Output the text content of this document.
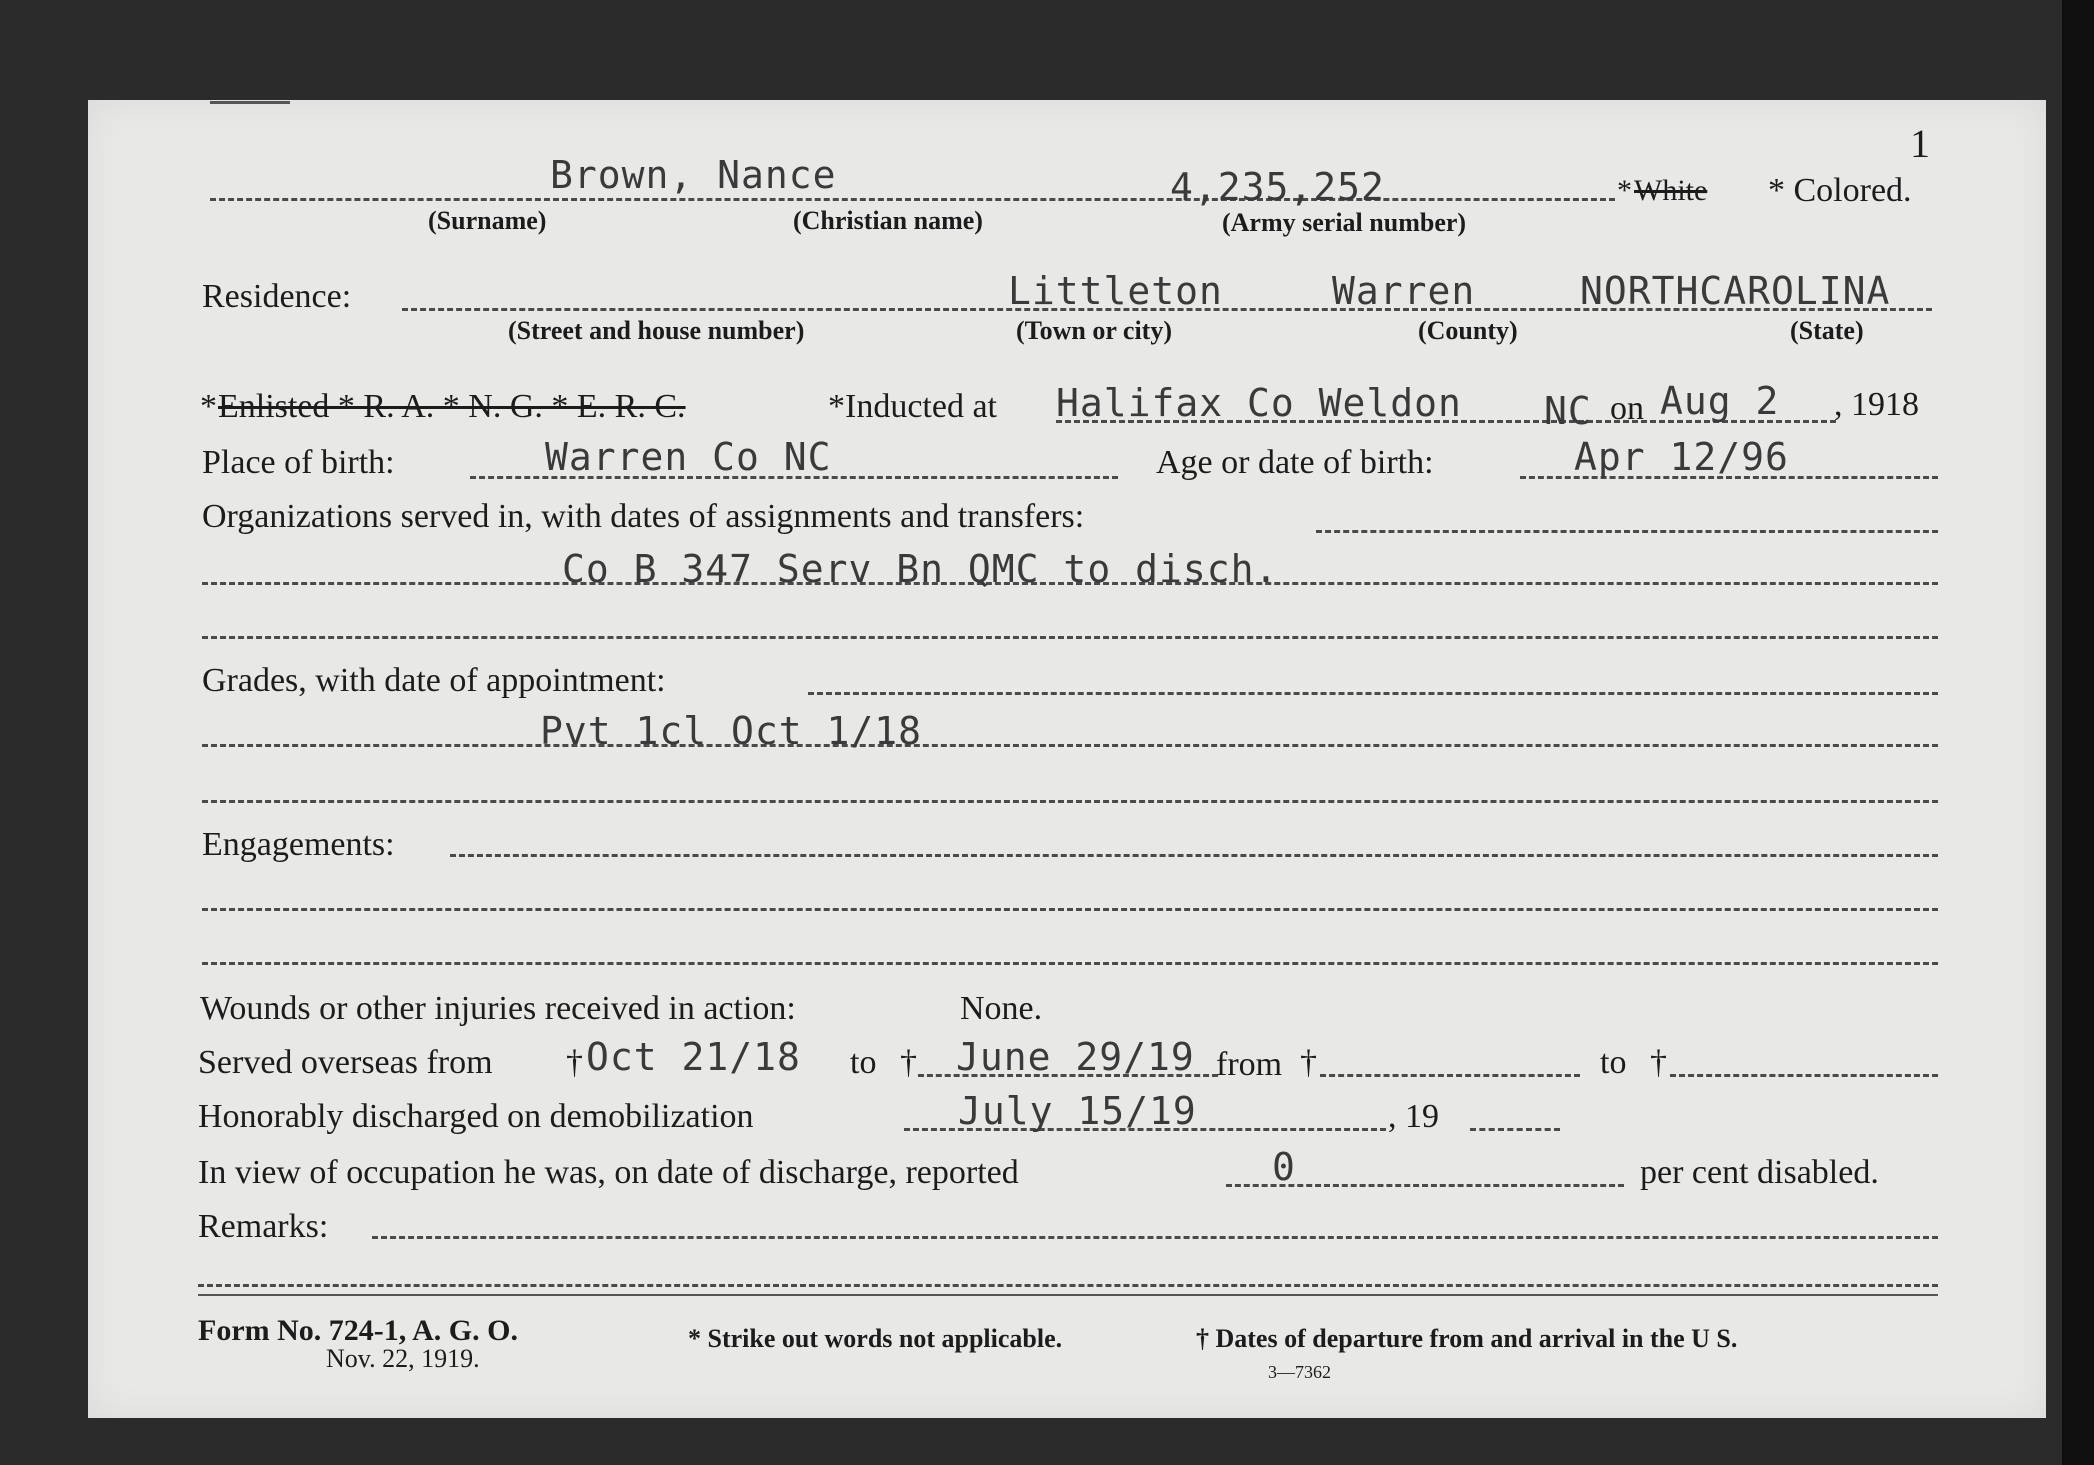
1
Brown, Nance
(Surname)	(Christian name)
4,235,252
(Army serial number)
* White * Colored.
Residence:
(Street and house number)
Littleton
(Town or city)
Warren
(County)
NORTHCAROLINA
(State)
* Enlisted * R. A. * N. G. * E. R. C.	*Inducted at Halifax Co Weldon NC on Aug 2 , 1918
Place of birth:	Warren Co NC	Age or date of birth:	Apr 12/96
Organizations served in, with dates of assignments and transfers:
Co B 347 Serv Bn QMC to disch.
Grades, with date of appointment:
Pvt 1cl Oct 1/18
Engagements:
Wounds or other injuries received in action:	None.
Served overseas from † Oct 21/18 to † June 29/19 from †	to †
Honorably discharged on demobilization	July 15/19	, 19
In view of occupation he was, on date of discharge, reported	0	per cent disabled.
Remarks:
Form No. 724-1, A. G. O.
Nov. 22, 1919.
* Strike out words not applicable.	† Dates of departure from and arrival in the U S.
3—7362
